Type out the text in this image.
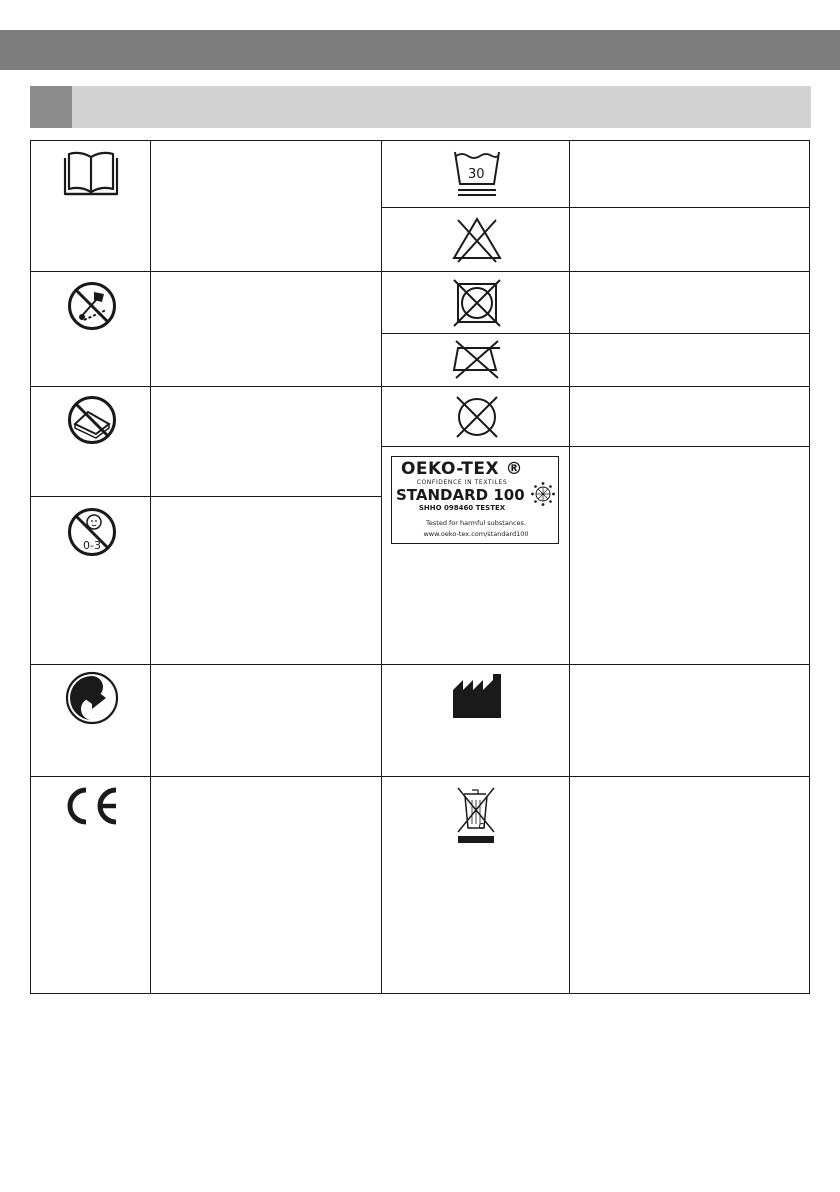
0-3
30
OEKO-TEX ®
CONFIDENCE IN TEXTILES
STANDARD 100
SHHO 098460 TESTEX
Tested for harmful substances.
www.oeko-tex.com/standard100
